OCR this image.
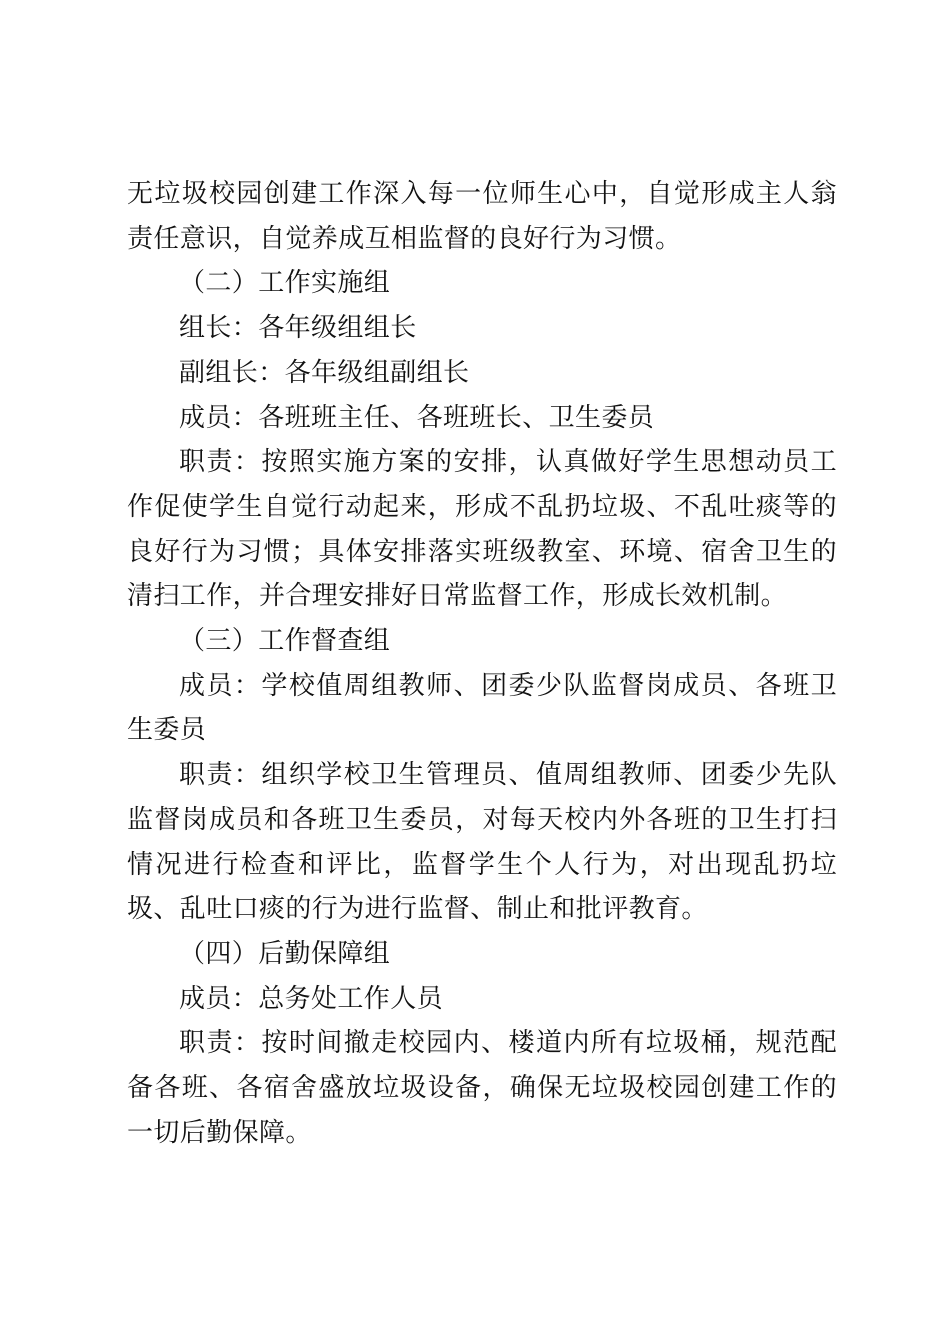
无垃圾校园创建工作深入每一位师生心中，自觉形成主人翁责任意识，自觉养成互相监督的良好行为习惯。

（二）工作实施组

组长：各年级组组长

副组长：各年级组副组长

成员：各班班主任、各班班长、卫生委员

职责：按照实施方案的安排，认真做好学生思想动员工作促使学生自觉行动起来，形成不乱扔垃圾、不乱吐痰等的良好行为习惯；具体安排落实班级教室、环境、宿舍卫生的清扫工作，并合理安排好日常监督工作，形成长效机制。

（三）工作督查组

成员：学校值周组教师、团委少队监督岗成员、各班卫生委员

职责：组织学校卫生管理员、值周组教师、团委少先队监督岗成员和各班卫生委员，对每天校内外各班的卫生打扫情况进行检查和评比，监督学生个人行为，对出现乱扔垃圾、乱吐口痰的行为进行监督、制止和批评教育。

（四）后勤保障组

成员：总务处工作人员

职责：按时间撤走校园内、楼道内所有垃圾桶，规范配备各班、各宿舍盛放垃圾设备，确保无垃圾校园创建工作的一切后勤保障。
